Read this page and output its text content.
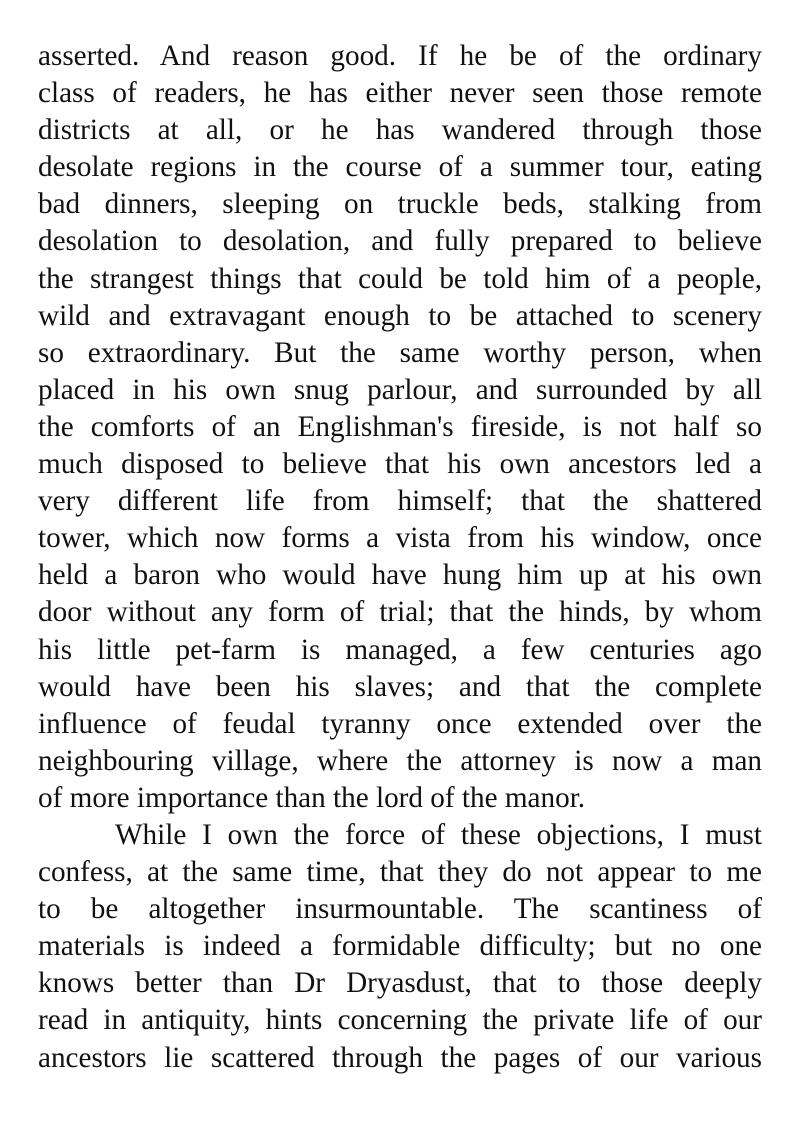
asserted. And reason good. If he be of the ordinary
class of readers, he has either never seen those remote
districts at all, or he has wandered through those
desolate regions in the course of a summer tour, eating
bad dinners, sleeping on truckle beds, stalking from
desolation to desolation, and fully prepared to believe
the strangest things that could be told him of a people,
wild and extravagant enough to be attached to scenery
so extraordinary. But the same worthy person, when
placed in his own snug parlour, and surrounded by all
the comforts of an Englishman's fireside, is not half so
much disposed to believe that his own ancestors led a
very different life from himself; that the shattered
tower, which now forms a vista from his window, once
held a baron who would have hung him up at his own
door without any form of trial; that the hinds, by whom
his little pet-farm is managed, a few centuries ago
would have been his slaves; and that the complete
influence of feudal tyranny once extended over the
neighbouring village, where the attorney is now a man
of more importance than the lord of the manor.
While I own the force of these objections, I must
confess, at the same time, that they do not appear to me
to be altogether insurmountable. The scantiness of
materials is indeed a formidable difficulty; but no one
knows better than Dr Dryasdust, that to those deeply
read in antiquity, hints concerning the private life of our
ancestors lie scattered through the pages of our various
